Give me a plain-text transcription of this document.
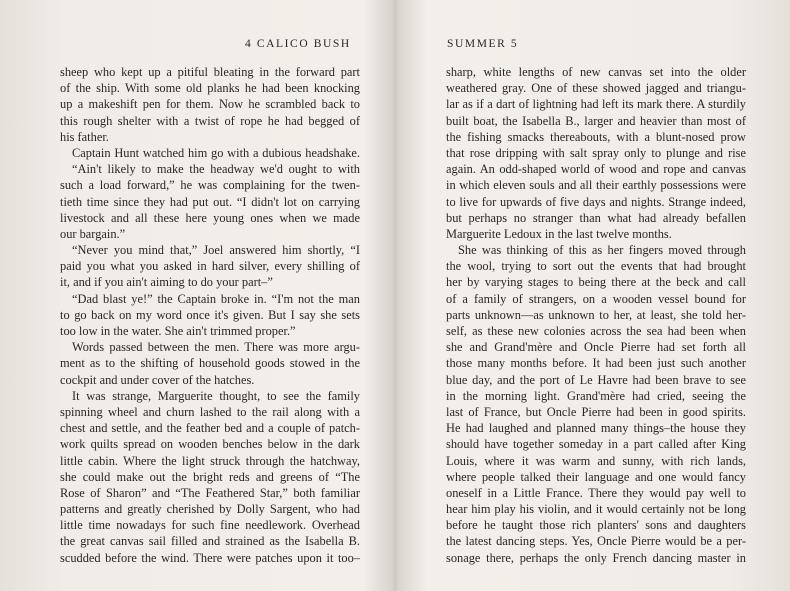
4 CALICO BUSH
sheep who kept up a pitiful bleating in the forward part
of the ship. With some old planks he had been knocking
up a makeshift pen for them. Now he scrambled back to
this rough shelter with a twist of rope he had begged of
his father.
Captain Hunt watched him go with a dubious headshake.
“Ain't likely to make the headway we'd ought to with
such a load forward,” he was complaining for the twen-
tieth time since they had put out. “I didn't lot on carrying
livestock and all these here young ones when we made
our bargain.”
“Never you mind that,” Joel answered him shortly, “I
paid you what you asked in hard silver, every shilling of
it, and if you ain't aiming to do your part–”
“Dad blast ye!” the Captain broke in. “I'm not the man
to go back on my word once it's given. But I say she sets
too low in the water. She ain't trimmed proper.”
Words passed between the men. There was more argu-
ment as to the shifting of household goods stowed in the
cockpit and under cover of the hatches.
It was strange, Marguerite thought, to see the family
spinning wheel and churn lashed to the rail along with a
chest and settle, and the feather bed and a couple of patch-
work quilts spread on wooden benches below in the dark
little cabin. Where the light struck through the hatchway,
she could make out the bright reds and greens of “The
Rose of Sharon” and “The Feathered Star,” both familiar
patterns and greatly cherished by Dolly Sargent, who had
little time nowadays for such fine needlework. Overhead
the great canvas sail filled and strained as the Isabella B.
scudded before the wind. There were patches upon it too–
SUMMER 5
sharp, white lengths of new canvas set into the older
weathered gray. One of these showed jagged and triangu-
lar as if a dart of lightning had left its mark there. A sturdily
built boat, the Isabella B., larger and heavier than most of
the fishing smacks thereabouts, with a blunt-nosed prow
that rose dripping with salt spray only to plunge and rise
again. An odd-shaped world of wood and rope and canvas
in which eleven souls and all their earthly possessions were
to live for upwards of five days and nights. Strange indeed,
but perhaps no stranger than what had already befallen
Marguerite Ledoux in the last twelve months.
She was thinking of this as her fingers moved through
the wool, trying to sort out the events that had brought
her by varying stages to being there at the beck and call
of a family of strangers, on a wooden vessel bound for
parts unknown—as unknown to her, at least, she told her-
self, as these new colonies across the sea had been when
she and Grand'mère and Oncle Pierre had set forth all
those many months before. It had been just such another
blue day, and the port of Le Havre had been brave to see
in the morning light. Grand'mère had cried, seeing the
last of France, but Oncle Pierre had been in good spirits.
He had laughed and planned many things–the house they
should have together someday in a part called after King
Louis, where it was warm and sunny, with rich lands,
where people talked their language and one would fancy
oneself in a Little France. There they would pay well to
hear him play his violin, and it would certainly not be long
before he taught those rich planters' sons and daughters
the latest dancing steps. Yes, Oncle Pierre would be a per-
sonage there, perhaps the only French dancing master in
